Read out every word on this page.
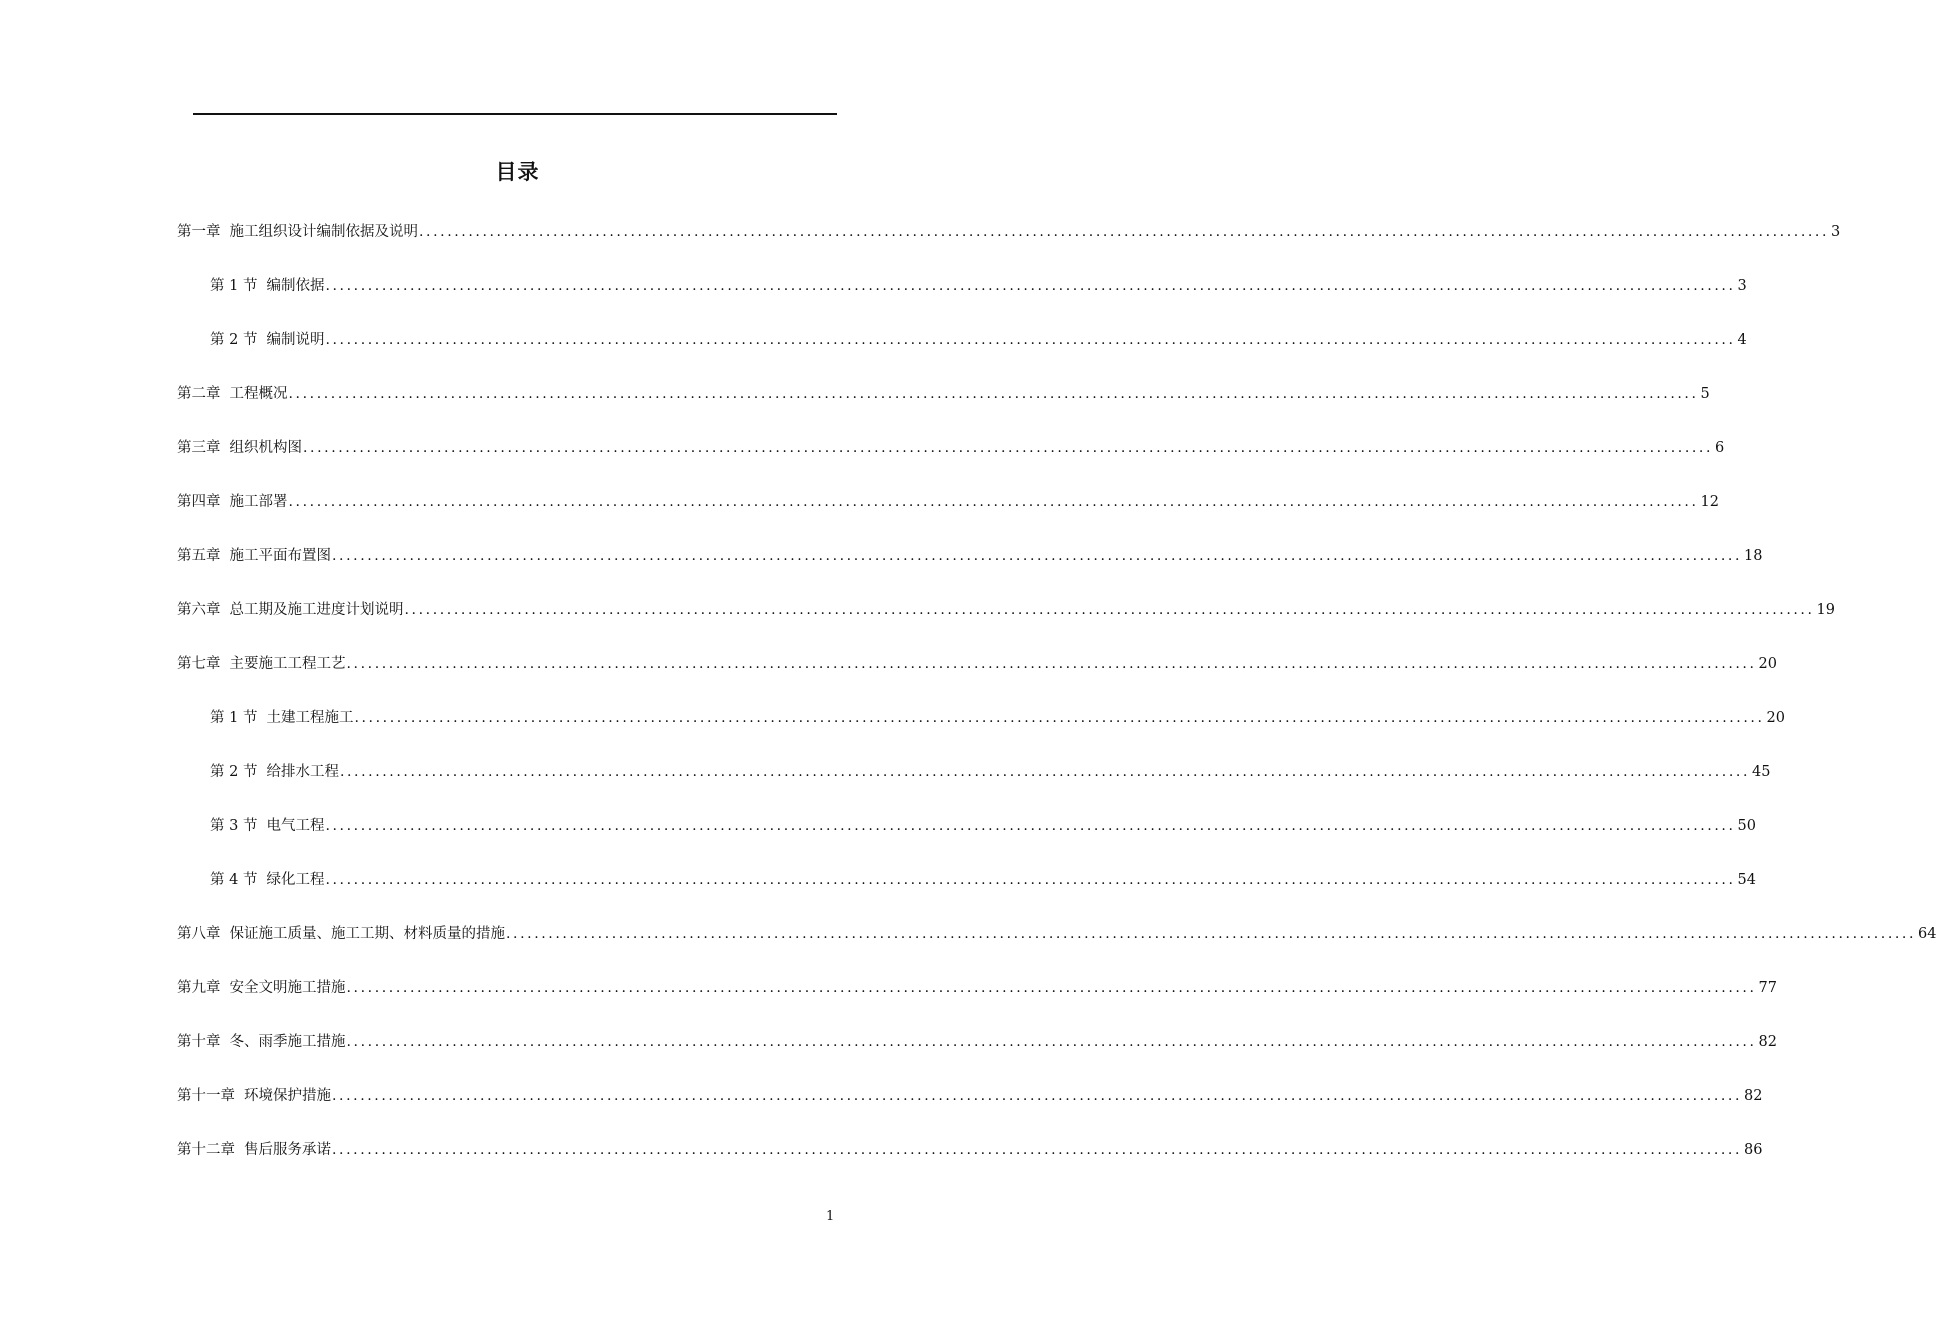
目录
第一章 施工组织设计编制依据及说明 ........................................................................................................................................................................................................ 3
第 1 节 编制依据 ........................................................................................................................................................................................................ 3
第 2 节 编制说明 ........................................................................................................................................................................................................ 4
第二章 工程概况 ........................................................................................................................................................................................................ 5
第三章 组织机构图 ........................................................................................................................................................................................................ 6
第四章 施工部署 ........................................................................................................................................................................................................ 12
第五章 施工平面布置图 ........................................................................................................................................................................................................ 18
第六章 总工期及施工进度计划说明 ........................................................................................................................................................................................................ 19
第七章 主要施工工程工艺 ........................................................................................................................................................................................................ 20
第 1 节 土建工程施工 ........................................................................................................................................................................................................ 20
第 2 节 给排水工程 ........................................................................................................................................................................................................ 45
第 3 节 电气工程 ........................................................................................................................................................................................................ 50
第 4 节 绿化工程 ........................................................................................................................................................................................................ 54
第八章 保证施工质量、施工工期、材料质量的措施 ........................................................................................................................................................................................................ 64
第九章 安全文明施工措施 ........................................................................................................................................................................................................ 77
第十章 冬、雨季施工措施 ........................................................................................................................................................................................................ 82
第十一章 环境保护措施 ........................................................................................................................................................................................................ 82
第十二章 售后服务承诺 ........................................................................................................................................................................................................ 86
1
